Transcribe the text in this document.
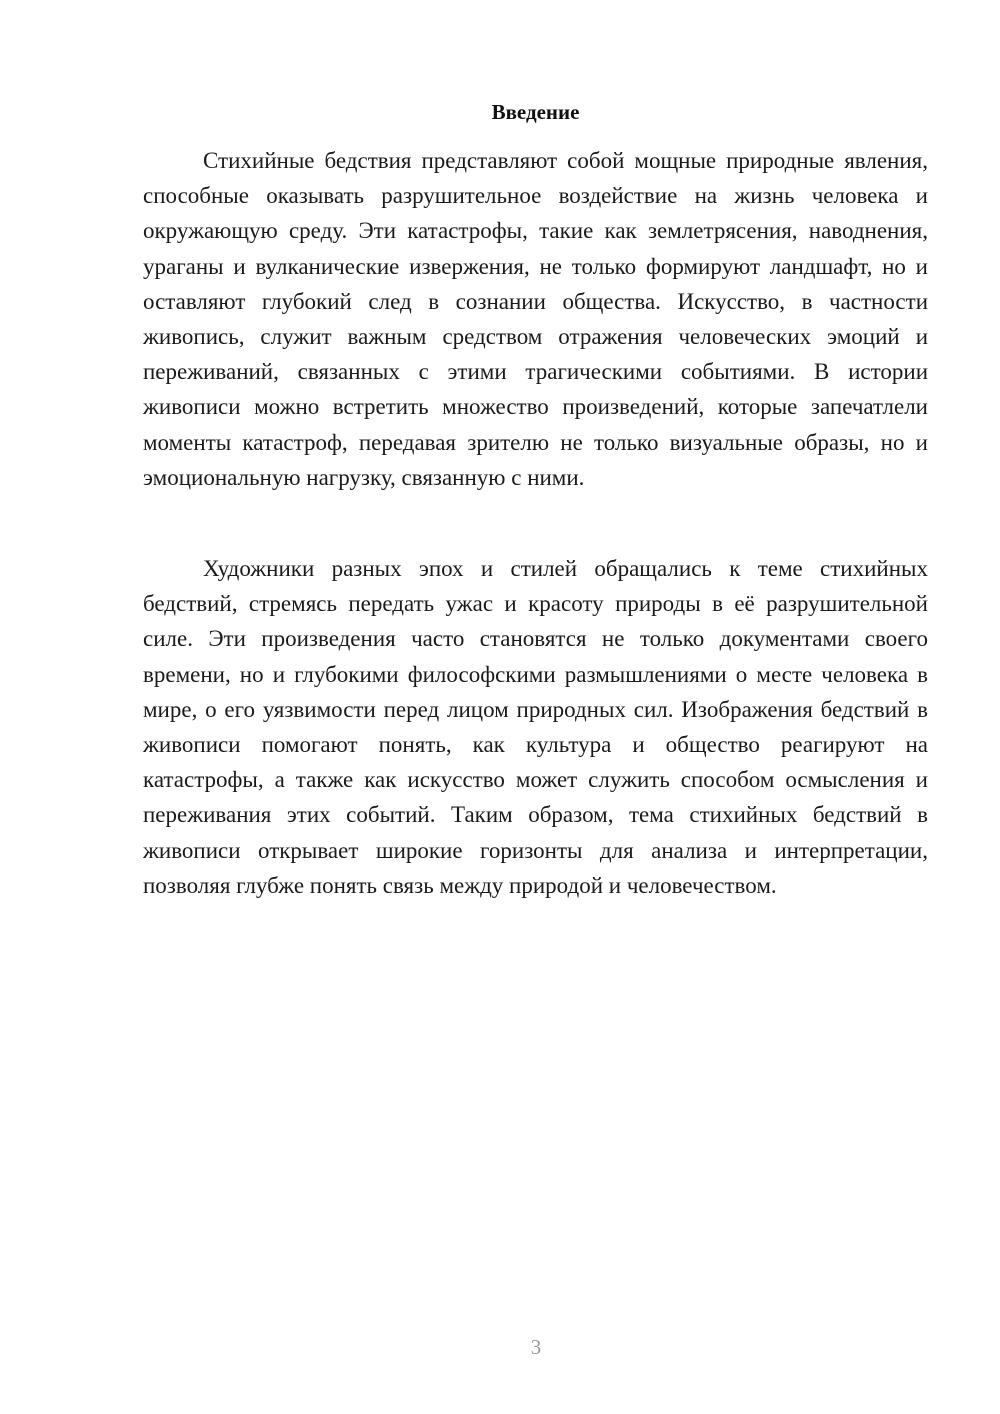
Введение

Стихийные бедствия представляют собой мощные природные явления, способные оказывать разрушительное воздействие на жизнь человека и окружающую среду. Эти катастрофы, такие как землетрясения, наводнения, ураганы и вулканические извержения, не только формируют ландшафт, но и оставляют глубокий след в сознании общества. Искусство, в частности живопись, служит важным средством отражения человеческих эмоций и переживаний, связанных с этими трагическими событиями. В истории живописи можно встретить множество произведений, которые запечатлели моменты катастроф, передавая зрителю не только визуальные образы, но и эмоциональную нагрузку, связанную с ними.

Художники разных эпох и стилей обращались к теме стихийных бедствий, стремясь передать ужас и красоту природы в её разрушительной силе. Эти произведения часто становятся не только документами своего времени, но и глубокими философскими размышлениями о месте человека в мире, о его уязвимости перед лицом природных сил. Изображения бедствий в живописи помогают понять, как культура и общество реагируют на катастрофы, а также как искусство может служить способом осмысления и переживания этих событий. Таким образом, тема стихийных бедствий в живописи открывает широкие горизонты для анализа и интерпретации, позволяя глубже понять связь между природой и человечеством.

3
